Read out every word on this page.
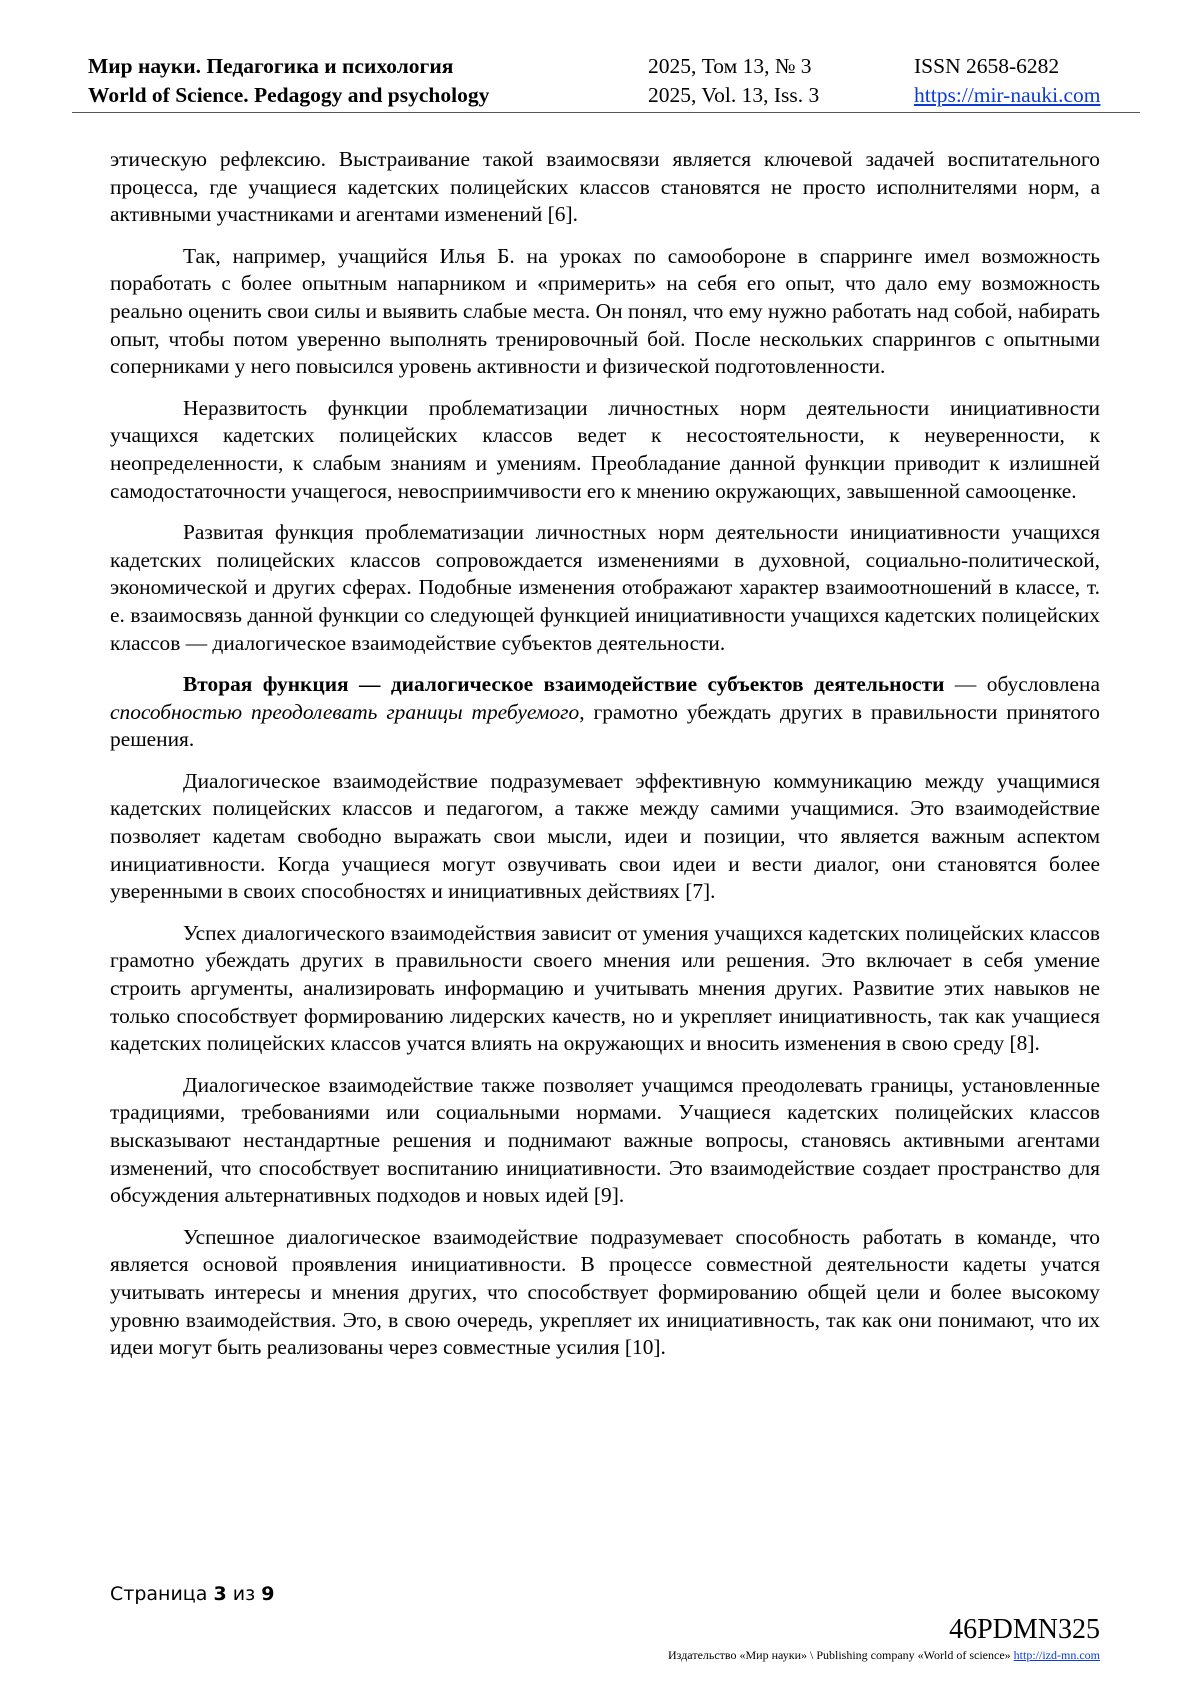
Мир науки. Педагогика и психология
World of Science. Pedagogy and psychology
2025, Том 13, № 3
2025, Vol. 13, Iss. 3
ISSN 2658-6282
https://mir-nauki.com

этическую рефлексию. Выстраивание такой взаимосвязи является ключевой задачей воспитательного процесса, где учащиеся кадетских полицейских классов становятся не просто исполнителями норм, а активными участниками и агентами изменений [6].

Так, например, учащийся Илья Б. на уроках по самообороне в спарринге имел возможность поработать с более опытным напарником и «примерить» на себя его опыт, что дало ему возможность реально оценить свои силы и выявить слабые места. Он понял, что ему нужно работать над собой, набирать опыт, чтобы потом уверенно выполнять тренировочный бой. После нескольких спаррингов с опытными соперниками у него повысился уровень активности и физической подготовленности.

Неразвитость функции проблематизации личностных норм деятельности инициативности учащихся кадетских полицейских классов ведет к несостоятельности, к неуверенности, к неопределенности, к слабым знаниям и умениям. Преобладание данной функции приводит к излишней самодостаточности учащегося, невосприимчивости его к мнению окружающих, завышенной самооценке.

Развитая функция проблематизации личностных норм деятельности инициативности учащихся кадетских полицейских классов сопровождается изменениями в духовной, социально-политической, экономической и других сферах. Подобные изменения отображают характер взаимоотношений в классе, т. е. взаимосвязь данной функции со следующей функцией инициативности учащихся кадетских полицейских классов — диалогическое взаимодействие субъектов деятельности.

Вторая функция — диалогическое взаимодействие субъектов деятельности — обусловлена способностью преодолевать границы требуемого, грамотно убеждать других в правильности принятого решения.

Диалогическое взаимодействие подразумевает эффективную коммуникацию между учащимися кадетских полицейских классов и педагогом, а также между самими учащимися. Это взаимодействие позволяет кадетам свободно выражать свои мысли, идеи и позиции, что является важным аспектом инициативности. Когда учащиеся могут озвучивать свои идеи и вести диалог, они становятся более уверенными в своих способностях и инициативных действиях [7].

Успех диалогического взаимодействия зависит от умения учащихся кадетских полицейских классов грамотно убеждать других в правильности своего мнения или решения. Это включает в себя умение строить аргументы, анализировать информацию и учитывать мнения других. Развитие этих навыков не только способствует формированию лидерских качеств, но и укрепляет инициативность, так как учащиеся кадетских полицейских классов учатся влиять на окружающих и вносить изменения в свою среду [8].

Диалогическое взаимодействие также позволяет учащимся преодолевать границы, установленные традициями, требованиями или социальными нормами. Учащиеся кадетских полицейских классов высказывают нестандартные решения и поднимают важные вопросы, становясь активными агентами изменений, что способствует воспитанию инициативности. Это взаимодействие создает пространство для обсуждения альтернативных подходов и новых идей [9].

Успешное диалогическое взаимодействие подразумевает способность работать в команде, что является основой проявления инициативности. В процессе совместной деятельности кадеты учатся учитывать интересы и мнения других, что способствует формированию общей цели и более высокому уровню взаимодействия. Это, в свою очередь, укрепляет их инициативность, так как они понимают, что их идеи могут быть реализованы через совместные усилия [10].

Страница 3 из 9
46PDMN325
Издательство «Мир науки» \ Publishing company «World of science» http://izd-mn.com
